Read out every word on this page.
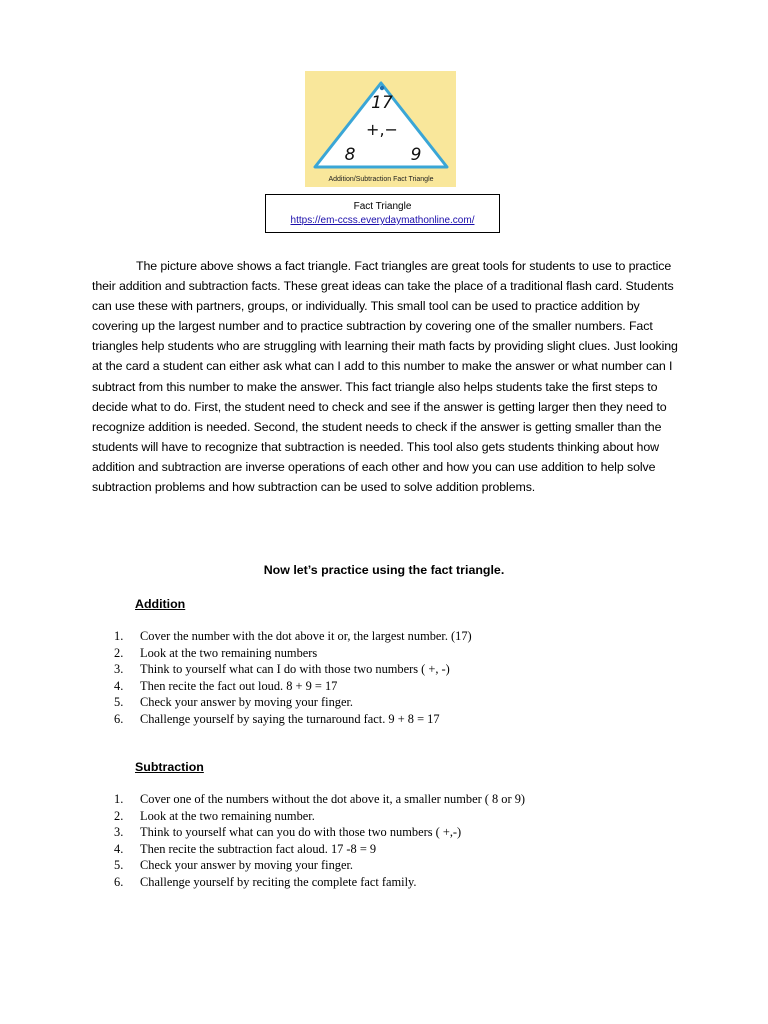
17
+,−
8	9
Addition/Subtraction Fact Triangle
Fact Triangle
https://em-ccss.everydaymathonline.com/
The picture above shows a fact triangle. Fact triangles are great tools for students to use to practice their addition and subtraction facts. These great ideas can take the place of a traditional flash card. Students can use these with partners, groups, or individually. This small tool can be used to practice addition by covering up the largest number and to practice subtraction by covering one of the smaller numbers. Fact triangles help students who are struggling with learning their math facts by providing slight clues. Just looking at the card a student can either ask what can I add to this number to make the answer or what number can I subtract from this number to make the answer. This fact triangle also helps students take the first steps to decide what to do. First, the student need to check and see if the answer is getting larger then they need to recognize addition is needed. Second, the student needs to check if the answer is getting smaller than the students will have to recognize that subtraction is needed. This tool also gets students thinking about how addition and subtraction are inverse operations of each other and how you can use addition to help solve subtraction problems and how subtraction can be used to solve addition problems.
Now let’s practice using the fact triangle.
Addition
1. Cover the number with the dot above it or, the largest number. (17)
2. Look at the two remaining numbers
3. Think to yourself what can I do with those two numbers ( +, -)
4. Then recite the fact out loud. 8 + 9 = 17
5. Check your answer by moving your finger.
6. Challenge yourself by saying the turnaround fact. 9 + 8 = 17
Subtraction
1. Cover one of the numbers without the dot above it, a smaller number ( 8 or 9)
2. Look at the two remaining number.
3. Think to yourself what can you do with those two numbers ( +,-)
4. Then recite the subtraction fact aloud. 17 -8 = 9
5. Check your answer by moving your finger.
6. Challenge yourself by reciting the complete fact family.
